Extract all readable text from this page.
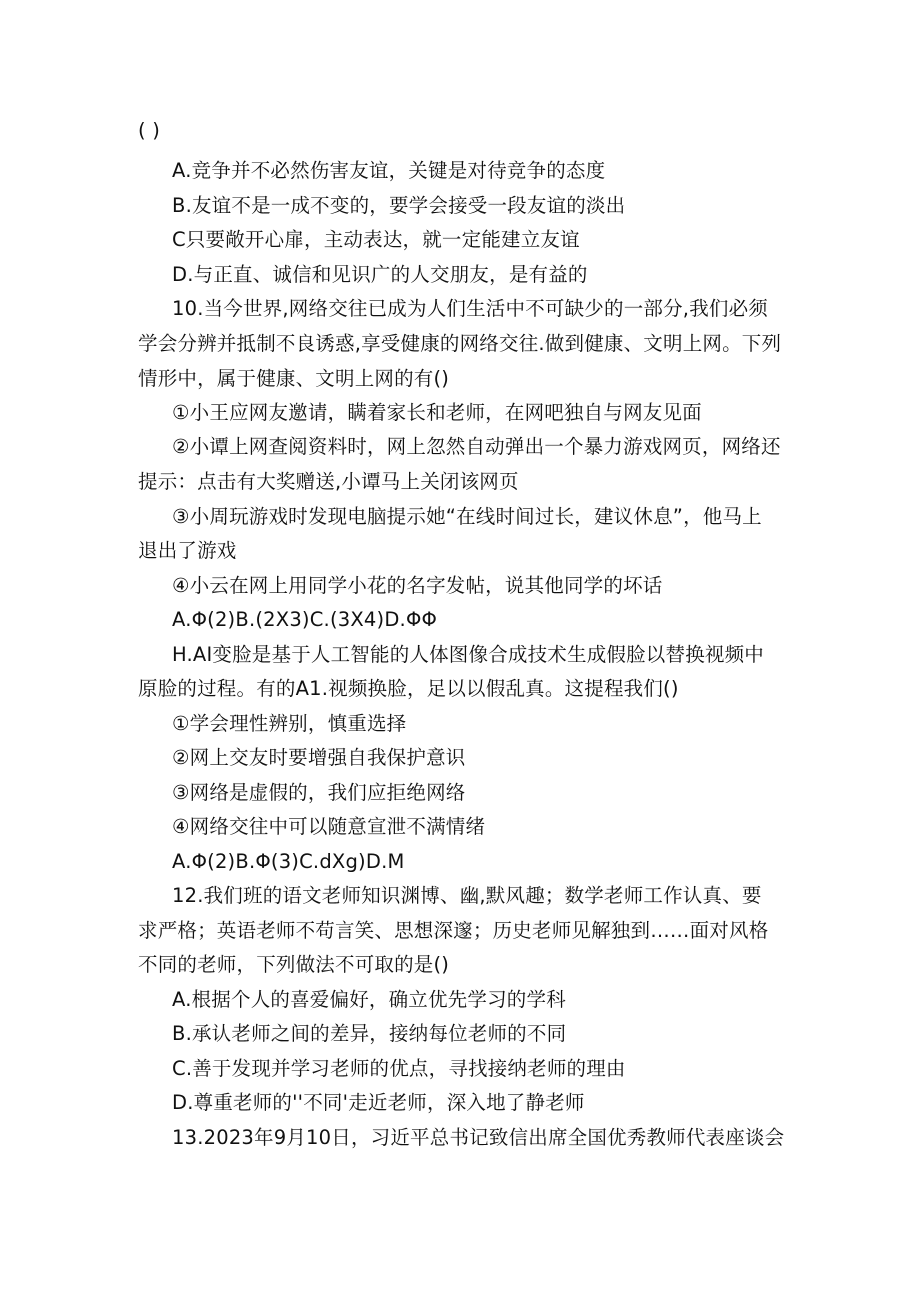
( )
A.竞争并不必然伤害友谊，关键是对待竞争的态度
B.友谊不是一成不变的，要学会接受一段友谊的淡出
C只要敞开心扉，主动表达，就一定能建立友谊
D.与正直、诚信和见识广的人交朋友，是有益的
10.当今世界,网络交往已成为人们生活中不可缺少的一部分,我们必须
学会分辨并抵制不良诱惑,享受健康的网络交往.做到健康、文明上网。下列
情形中，属于健康、文明上网的有()
①小王应网友邀请，瞒着家长和老师，在网吧独自与网友见面
②小谭上网查阅资料时，网上忽然自动弹出一个暴力游戏网页，网络还
提示：点击有大奖赠送,小谭马上关闭该网页
③小周玩游戏时发现电脑提示她“在线时间过长，建议休息”，他马上
退出了游戏
④小云在网上用同学小花的名字发帖，说其他同学的坏话
A.Φ(2)B.(2X3)C.(3X4)D.ΦΦ
H.AI变脸是基于人工智能的人体图像合成技术生成假脸以替换视频中
原脸的过程。有的A1.视频换脸，足以以假乱真。这提程我们()
①学会理性辨别，慎重选择
②网上交友时要增强自我保护意识
③网络是虚假的，我们应拒绝网络
④网络交往中可以随意宣泄不满情绪
A.Φ(2)B.Φ(3)C.dXg)D.M
12.我们班的语文老师知识渊博、幽,默风趣；数学老师工作认真、要
求严格；英语老师不苟言笑、思想深邃；历史老师见解独到……面对风格
不同的老师，下列做法不可取的是()
A.根据个人的喜爱偏好，确立优先学习的学科
B.承认老师之间的差异，接纳每位老师的不同
C.善于发现并学习老师的优点，寻找接纳老师的理由
D.尊重老师的''不同'走近老师，深入地了静老师
13.2023年9月10日，习近平总书记致信出席全国优秀教师代表座谈会
